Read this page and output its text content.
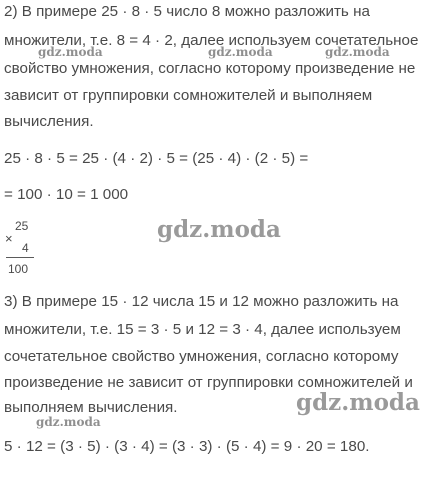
2) В примере 25 · 8 · 5 число 8 можно разложить на
множители, т.е. 8 = 4 · 2, далее используем сочетательное
свойство умножения, согласно которому произведение не
зависит от группировки сомножителей и выполняем
вычисления.
25 · 8 · 5 = 25 · (4 · 2) · 5 = (25 · 4) · (2 · 5) =
= 100 · 10 = 1 000
25
×
4
100
3) В примере 15 · 12 числа 15 и 12 можно разложить на
множители, т.е. 15 = 3 · 5 и 12 = 3 · 4, далее используем
сочетательное свойство умножения, согласно которому
произведение не зависит от группировки сомножителей и
выполняем вычисления.
5 · 12 = (3 · 5) · (3 · 4) = (3 · 3) · (5 · 4) = 9 · 20 = 180.
gdz.moda	gdz.moda	gdz.moda
gdz.moda
gdz.moda
gdz.moda
